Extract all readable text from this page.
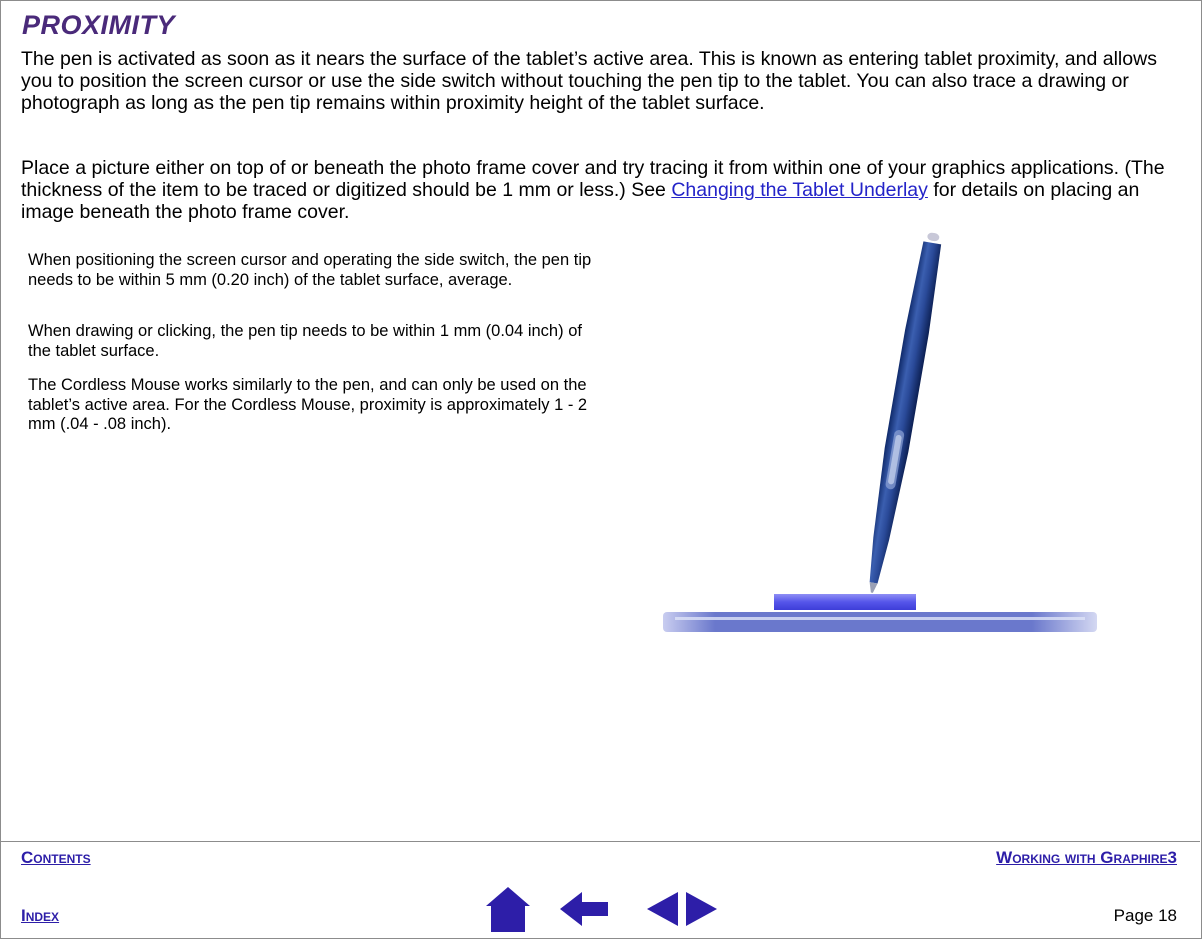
PROXIMITY
The pen is activated as soon as it nears the surface of the tablet’s active area. This is known as entering tablet proximity, and allows you to position the screen cursor or use the side switch without touching the pen tip to the tablet. You can also trace a drawing or photograph as long as the pen tip remains within proximity height of the tablet surface.
Place a picture either on top of or beneath the photo frame cover and try tracing it from within one of your graphics applications. (The thickness of the item to be traced or digitized should be 1 mm or less.) See Changing the Tablet Underlay for details on placing an image beneath the photo frame cover.
When positioning the screen cursor and operating the side switch, the pen tip needs to be within 5 mm (0.20 inch) of the tablet surface, average.
When drawing or clicking, the pen tip needs to be within 1 mm (0.04 inch) of the tablet surface.
The Cordless Mouse works similarly to the pen, and can only be used on the tablet’s active area. For the Cordless Mouse, proximity is approximately 1 - 2 mm (.04 - .08 inch).
Contents	Working with Graphire3
Index	Page 18
